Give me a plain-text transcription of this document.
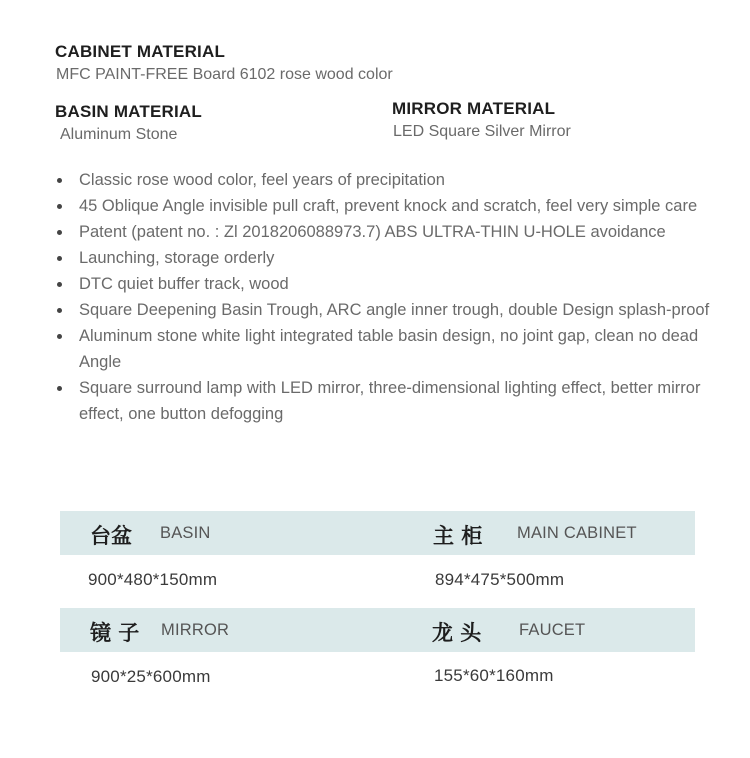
CABINET MATERIAL
MFC PAINT-FREE Board 6102 rose wood color
BASIN MATERIAL
Aluminum Stone
MIRROR MATERIAL
LED Square Silver Mirror
Classic rose wood color, feel years of precipitation
45 Oblique Angle invisible pull craft, prevent knock and scratch, feel very simple care
Patent (patent no. : Zl 2018206088973.7) ABS ULTRA-THIN U-HOLE avoidance
Launching, storage orderly
DTC quiet buffer track, wood
Square Deepening Basin Trough, ARC angle inner trough, double Design splash-proof
Aluminum stone white light integrated table basin design, no joint gap, clean no dead Angle
Square surround lamp with LED mirror, three-dimensional lighting effect, better mirror effect, one button defogging
台盆 BASIN	主 柜 MAIN CABINET
900*480*150mm	894*475*500mm
镜 子 MIRROR	龙 头 FAUCET
900*25*600mm	155*60*160mm
